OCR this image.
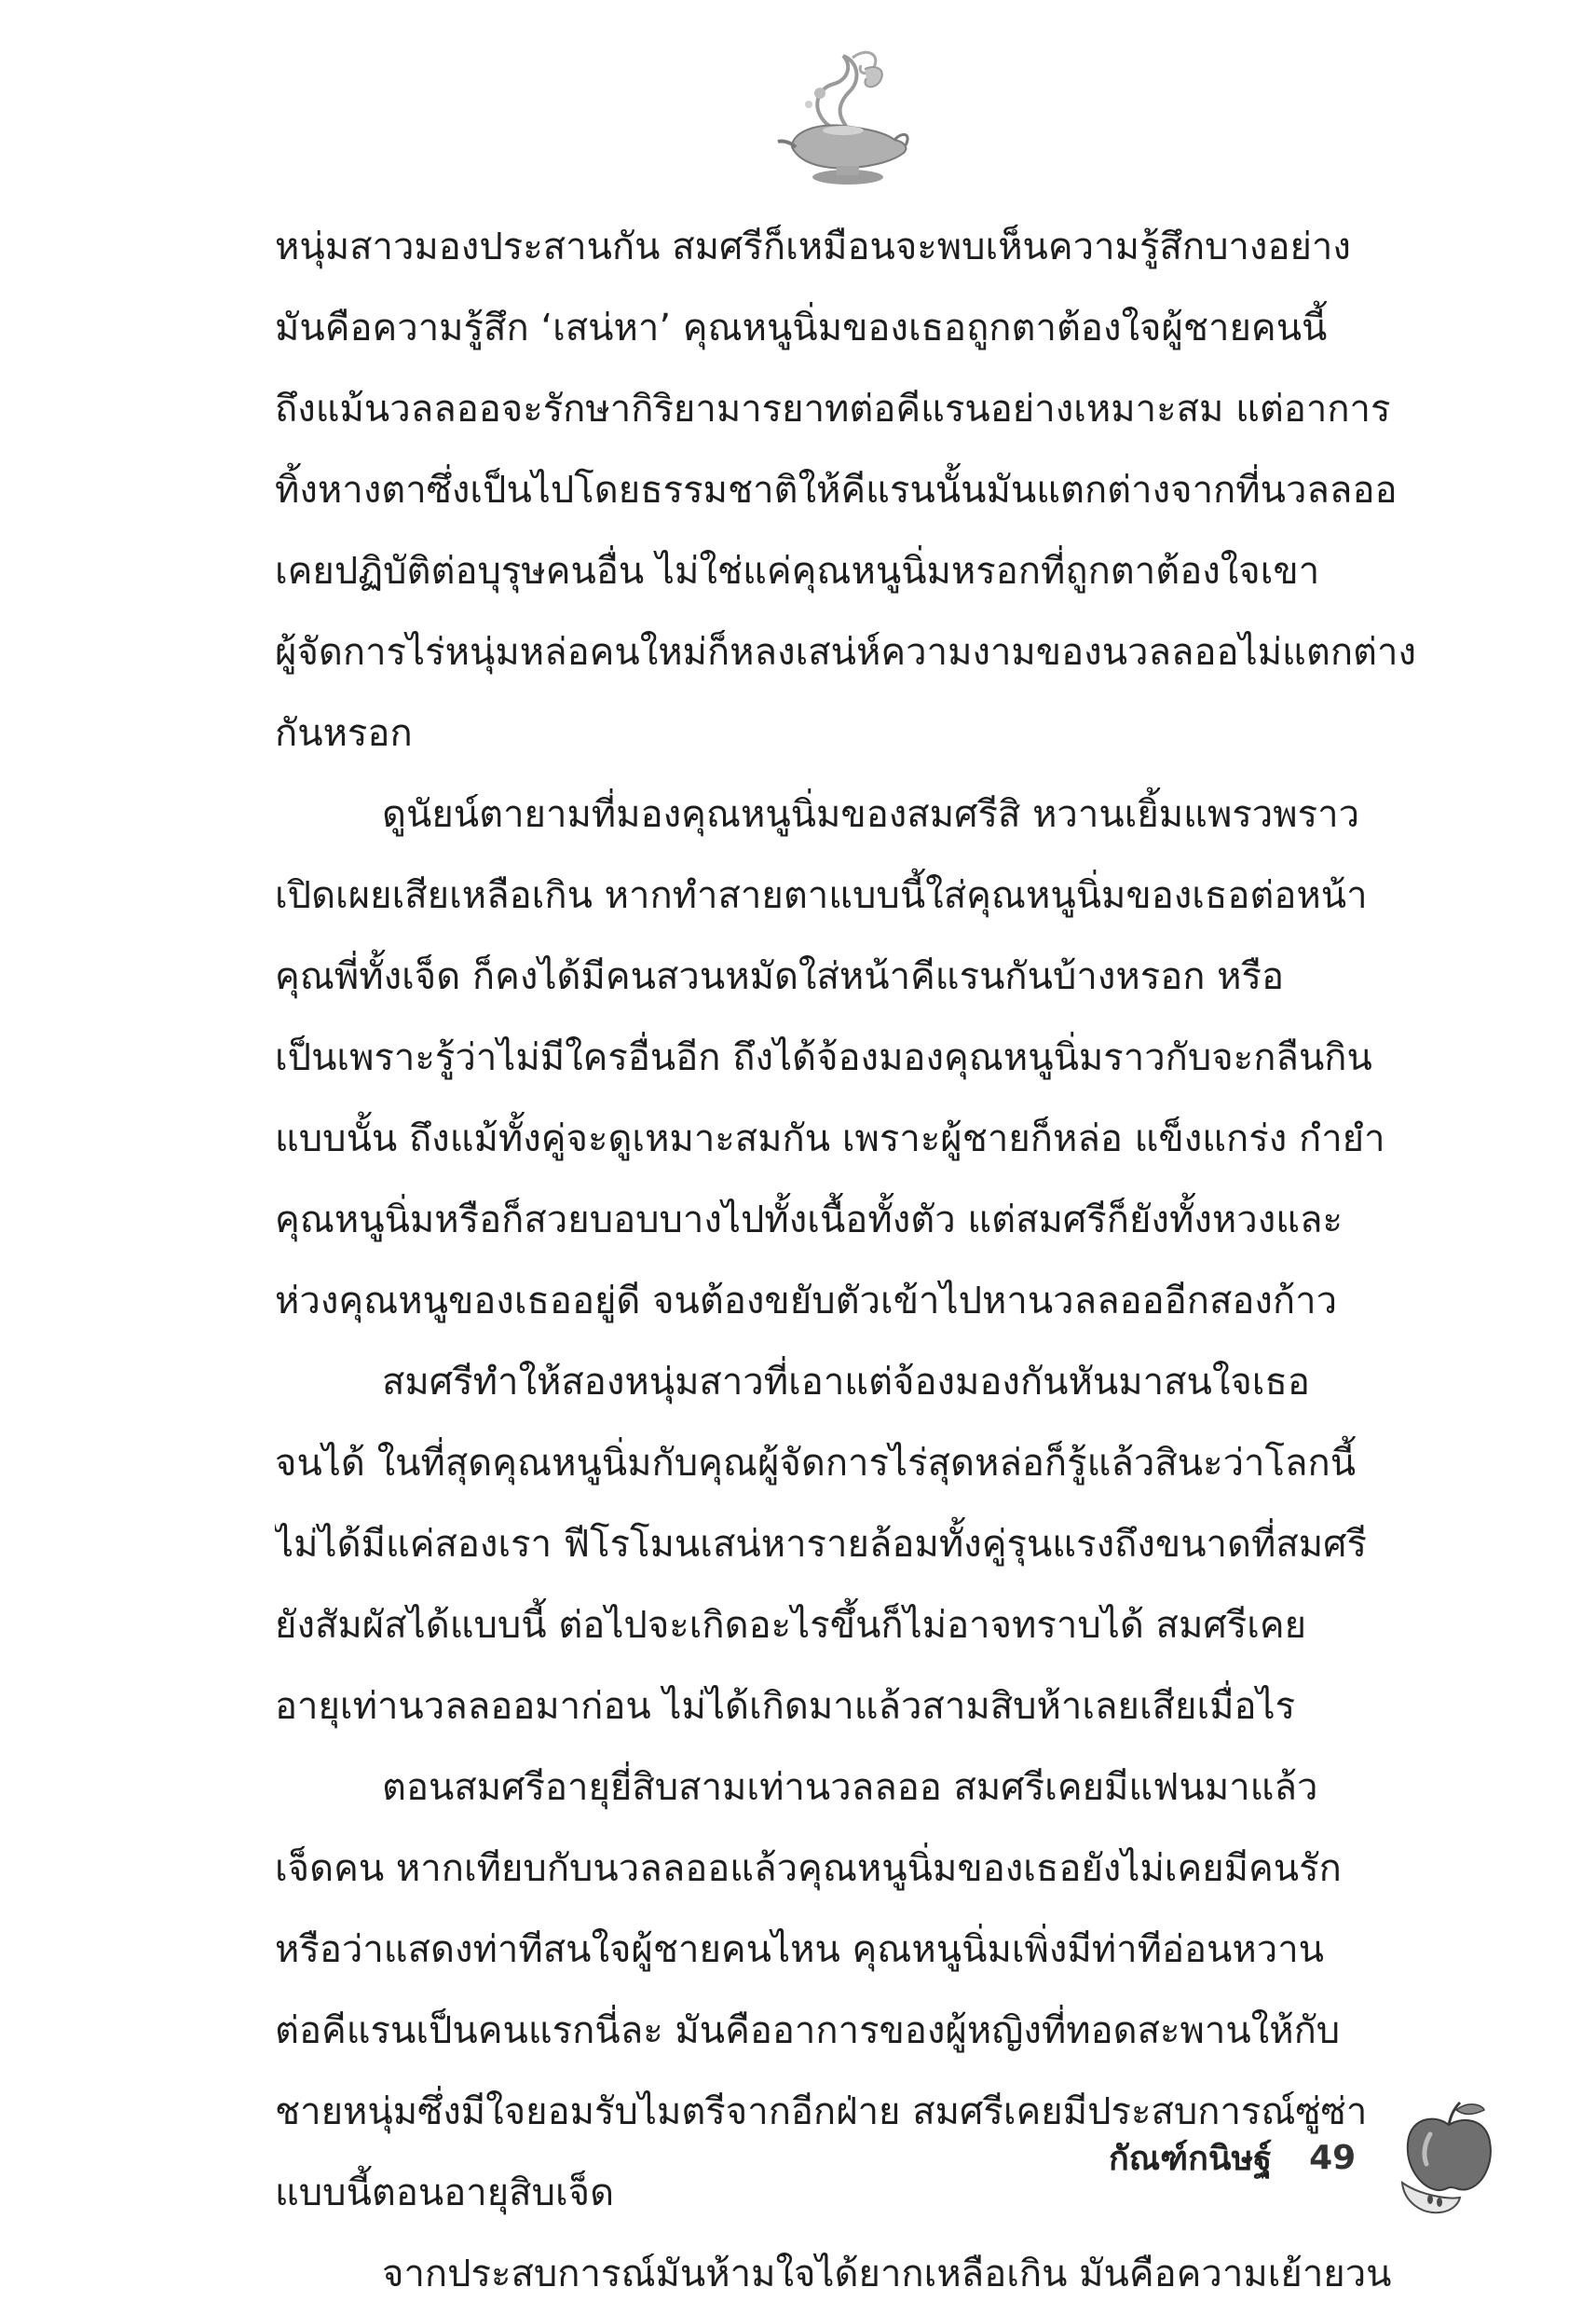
หนุ่มสาวมองประสานกัน สมศรีก็เหมือนจะพบเห็นความรู้สึกบางอย่าง
มันคือความรู้สึก ‘เสน่หา’ คุณหนูนิ่มของเธอถูกตาต้องใจผู้ชายคนนี้
ถึงแม้นวลลออจะรักษากิริยามารยาทต่อคีแรนอย่างเหมาะสม แต่อาการ
ทิ้งหางตาซึ่งเป็นไปโดยธรรมชาติให้คีแรนนั้นมันแตกต่างจากที่นวลลออ
เคยปฏิบัติต่อบุรุษคนอื่น ไม่ใช่แค่คุณหนูนิ่มหรอกที่ถูกตาต้องใจเขา
ผู้จัดการไร่หนุ่มหล่อคนใหม่ก็หลงเสน่ห์ความงามของนวลลออไม่แตกต่าง
กันหรอก
ดูนัยน์ตายามที่มองคุณหนูนิ่มของสมศรีสิ หวานเยิ้มแพรวพราว
เปิดเผยเสียเหลือเกิน หากทำสายตาแบบนี้ใส่คุณหนูนิ่มของเธอต่อหน้า
คุณพี่ทั้งเจ็ด ก็คงได้มีคนสวนหมัดใส่หน้าคีแรนกันบ้างหรอก หรือ
เป็นเพราะรู้ว่าไม่มีใครอื่นอีก ถึงได้จ้องมองคุณหนูนิ่มราวกับจะกลืนกิน
แบบนั้น ถึงแม้ทั้งคู่จะดูเหมาะสมกัน เพราะผู้ชายก็หล่อ แข็งแกร่ง กำยำ
คุณหนูนิ่มหรือก็สวยบอบบางไปทั้งเนื้อทั้งตัว แต่สมศรีก็ยังทั้งหวงและ
ห่วงคุณหนูของเธออยู่ดี จนต้องขยับตัวเข้าไปหานวลลอออีกสองก้าว
สมศรีทำให้สองหนุ่มสาวที่เอาแต่จ้องมองกันหันมาสนใจเธอ
จนได้ ในที่สุดคุณหนูนิ่มกับคุณผู้จัดการไร่สุดหล่อก็รู้แล้วสินะว่าโลกนี้
ไม่ได้มีแค่สองเรา ฟีโรโมนเสน่หารายล้อมทั้งคู่รุนแรงถึงขนาดที่สมศรี
ยังสัมผัสได้แบบนี้ ต่อไปจะเกิดอะไรขึ้นก็ไม่อาจทราบได้ สมศรีเคย
อายุเท่านวลลออมาก่อน ไม่ได้เกิดมาแล้วสามสิบห้าเลยเสียเมื่อไร
ตอนสมศรีอายุยี่สิบสามเท่านวลลออ สมศรีเคยมีแฟนมาแล้ว
เจ็ดคน หากเทียบกับนวลลออแล้วคุณหนูนิ่มของเธอยังไม่เคยมีคนรัก
หรือว่าแสดงท่าทีสนใจผู้ชายคนไหน คุณหนูนิ่มเพิ่งมีท่าทีอ่อนหวาน
ต่อคีแรนเป็นคนแรกนี่ละ มันคืออาการของผู้หญิงที่ทอดสะพานให้กับ
ชายหนุ่มซึ่งมีใจยอมรับไมตรีจากอีกฝ่าย สมศรีเคยมีประสบการณ์ซู่ซ่า
แบบนี้ตอนอายุสิบเจ็ด
จากประสบการณ์มันห้ามใจได้ยากเหลือเกิน มันคือความเย้ายวน
กัณฑ์กนิษฐ์ 49
